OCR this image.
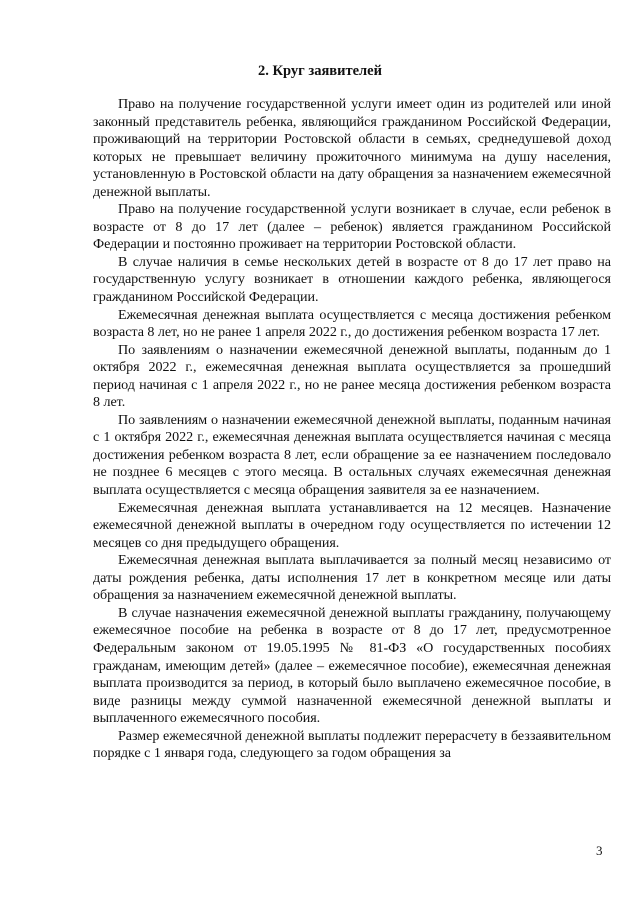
2. Круг заявителей

Право на получение государственной услуги имеет один из родителей или иной законный представитель ребенка, являющийся гражданином Российской Федерации, проживающий на территории Ростовской области в семьях, среднедушевой доход которых не превышает величину прожиточного минимума на душу населения, установленную в Ростовской области на дату обращения за назначением ежемесячной денежной выплаты.

Право на получение государственной услуги возникает в случае, если ребенок в возрасте от 8 до 17 лет (далее – ребенок) является гражданином Российской Федерации и постоянно проживает на территории Ростовской области.

В случае наличия в семье нескольких детей в возрасте от 8 до 17 лет право на государственную услугу возникает в отношении каждого ребенка, являющегося гражданином Российской Федерации.

Ежемесячная денежная выплата осуществляется с месяца достижения ребенком возраста 8 лет, но не ранее 1 апреля 2022 г., до достижения ребенком возраста 17 лет.

По заявлениям о назначении ежемесячной денежной выплаты, поданным до 1 октября 2022 г., ежемесячная денежная выплата осуществляется за прошедший период начиная с 1 апреля 2022 г., но не ранее месяца достижения ребенком возраста 8 лет.

По заявлениям о назначении ежемесячной денежной выплаты, поданным начиная с 1 октября 2022 г., ежемесячная денежная выплата осуществляется начиная с месяца достижения ребенком возраста 8 лет, если обращение за ее назначением последовало не позднее 6 месяцев с этого месяца. В остальных случаях ежемесячная денежная выплата осуществляется с месяца обращения заявителя за ее назначением.

Ежемесячная денежная выплата устанавливается на 12 месяцев. Назначение ежемесячной денежной выплаты в очередном году осуществляется по истечении 12 месяцев со дня предыдущего обращения.

Ежемесячная денежная выплата выплачивается за полный месяц независимо от даты рождения ребенка, даты исполнения 17 лет в конкретном месяце или даты обращения за назначением ежемесячной денежной выплаты.

В случае назначения ежемесячной денежной выплаты гражданину, получающему ежемесячное пособие на ребенка в возрасте от 8 до 17 лет, предусмотренное Федеральным законом от 19.05.1995 № 81-ФЗ «О государственных пособиях гражданам, имеющим детей» (далее – ежемесячное пособие), ежемесячная денежная выплата производится за период, в который было выплачено ежемесячное пособие, в виде разницы между суммой назначенной ежемесячной денежной выплаты и выплаченного ежемесячного пособия.

Размер ежемесячной денежной выплаты подлежит перерасчету в беззаявительном порядке с 1 января года, следующего за годом обращения за

3
